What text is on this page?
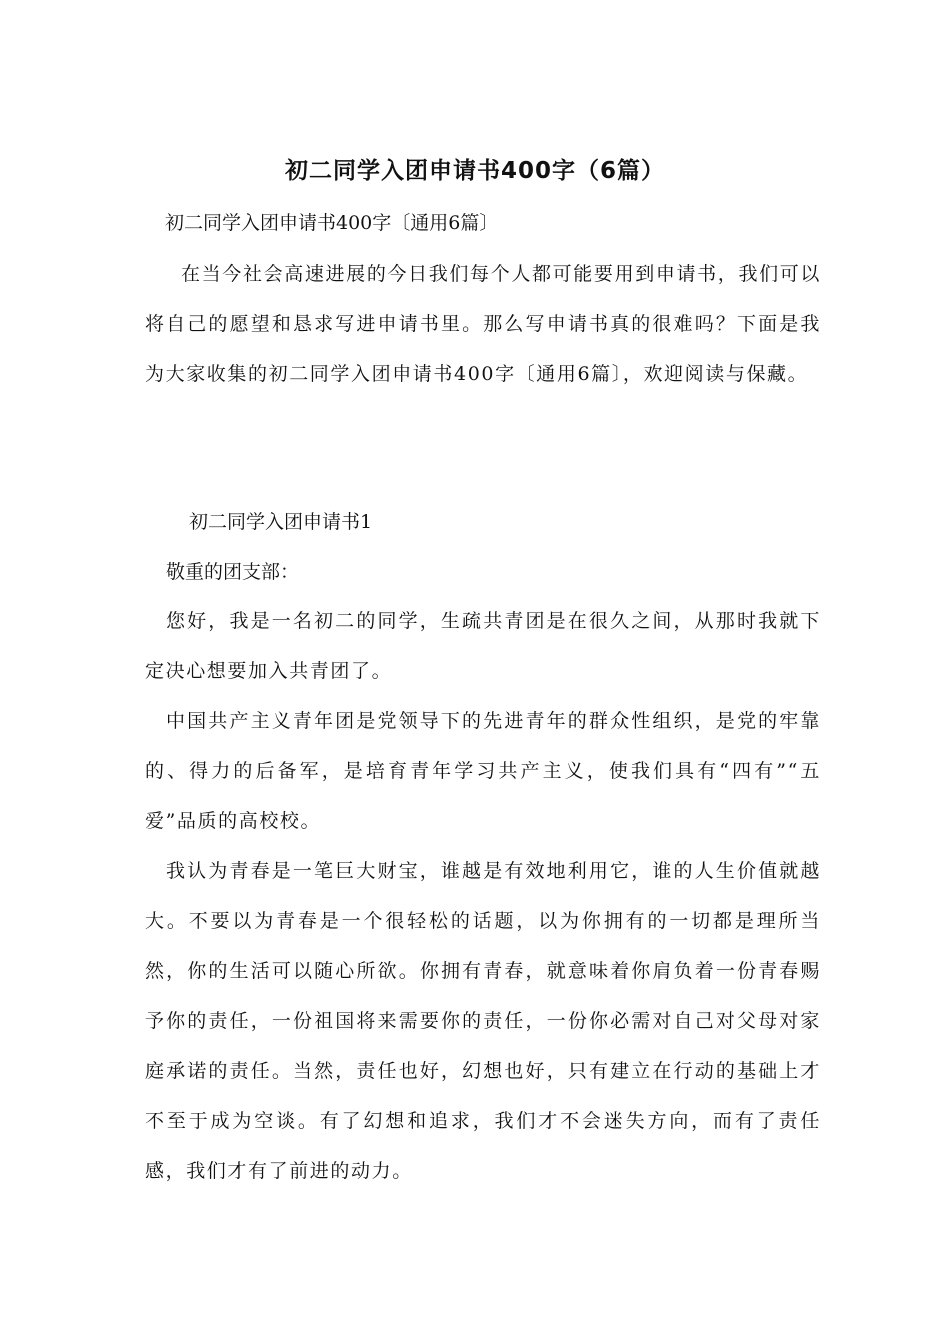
初二同学入团申请书400字（6篇）
初二同学入团申请书400字〔通用6篇〕
在当今社会高速进展的今日我们每个人都可能要用到申请书，我们可以将自己的愿望和恳求写进申请书里。那么写申请书真的很难吗？下面是我为大家收集的初二同学入团申请书400字〔通用6篇〕，欢迎阅读与保藏。
初二同学入团申请书1
敬重的团支部：
您好，我是一名初二的同学，生疏共青团是在很久之间，从那时我就下定决心想要加入共青团了。
中国共产主义青年团是党领导下的先进青年的群众性组织，是党的牢靠的、得力的后备军，是培育青年学习共产主义，使我们具有“四有”“五爱”品质的高校校。
我认为青春是一笔巨大财宝，谁越是有效地利用它，谁的人生价值就越大。不要以为青春是一个很轻松的话题，以为你拥有的一切都是理所当然，你的生活可以随心所欲。你拥有青春，就意味着你肩负着一份青春赐予你的责任，一份祖国将来需要你的责任，一份你必需对自己对父母对家庭承诺的责任。当然，责任也好，幻想也好，只有建立在行动的基础上才不至于成为空谈。有了幻想和追求，我们才不会迷失方向，而有了责任感，我们才有了前进的动力。
